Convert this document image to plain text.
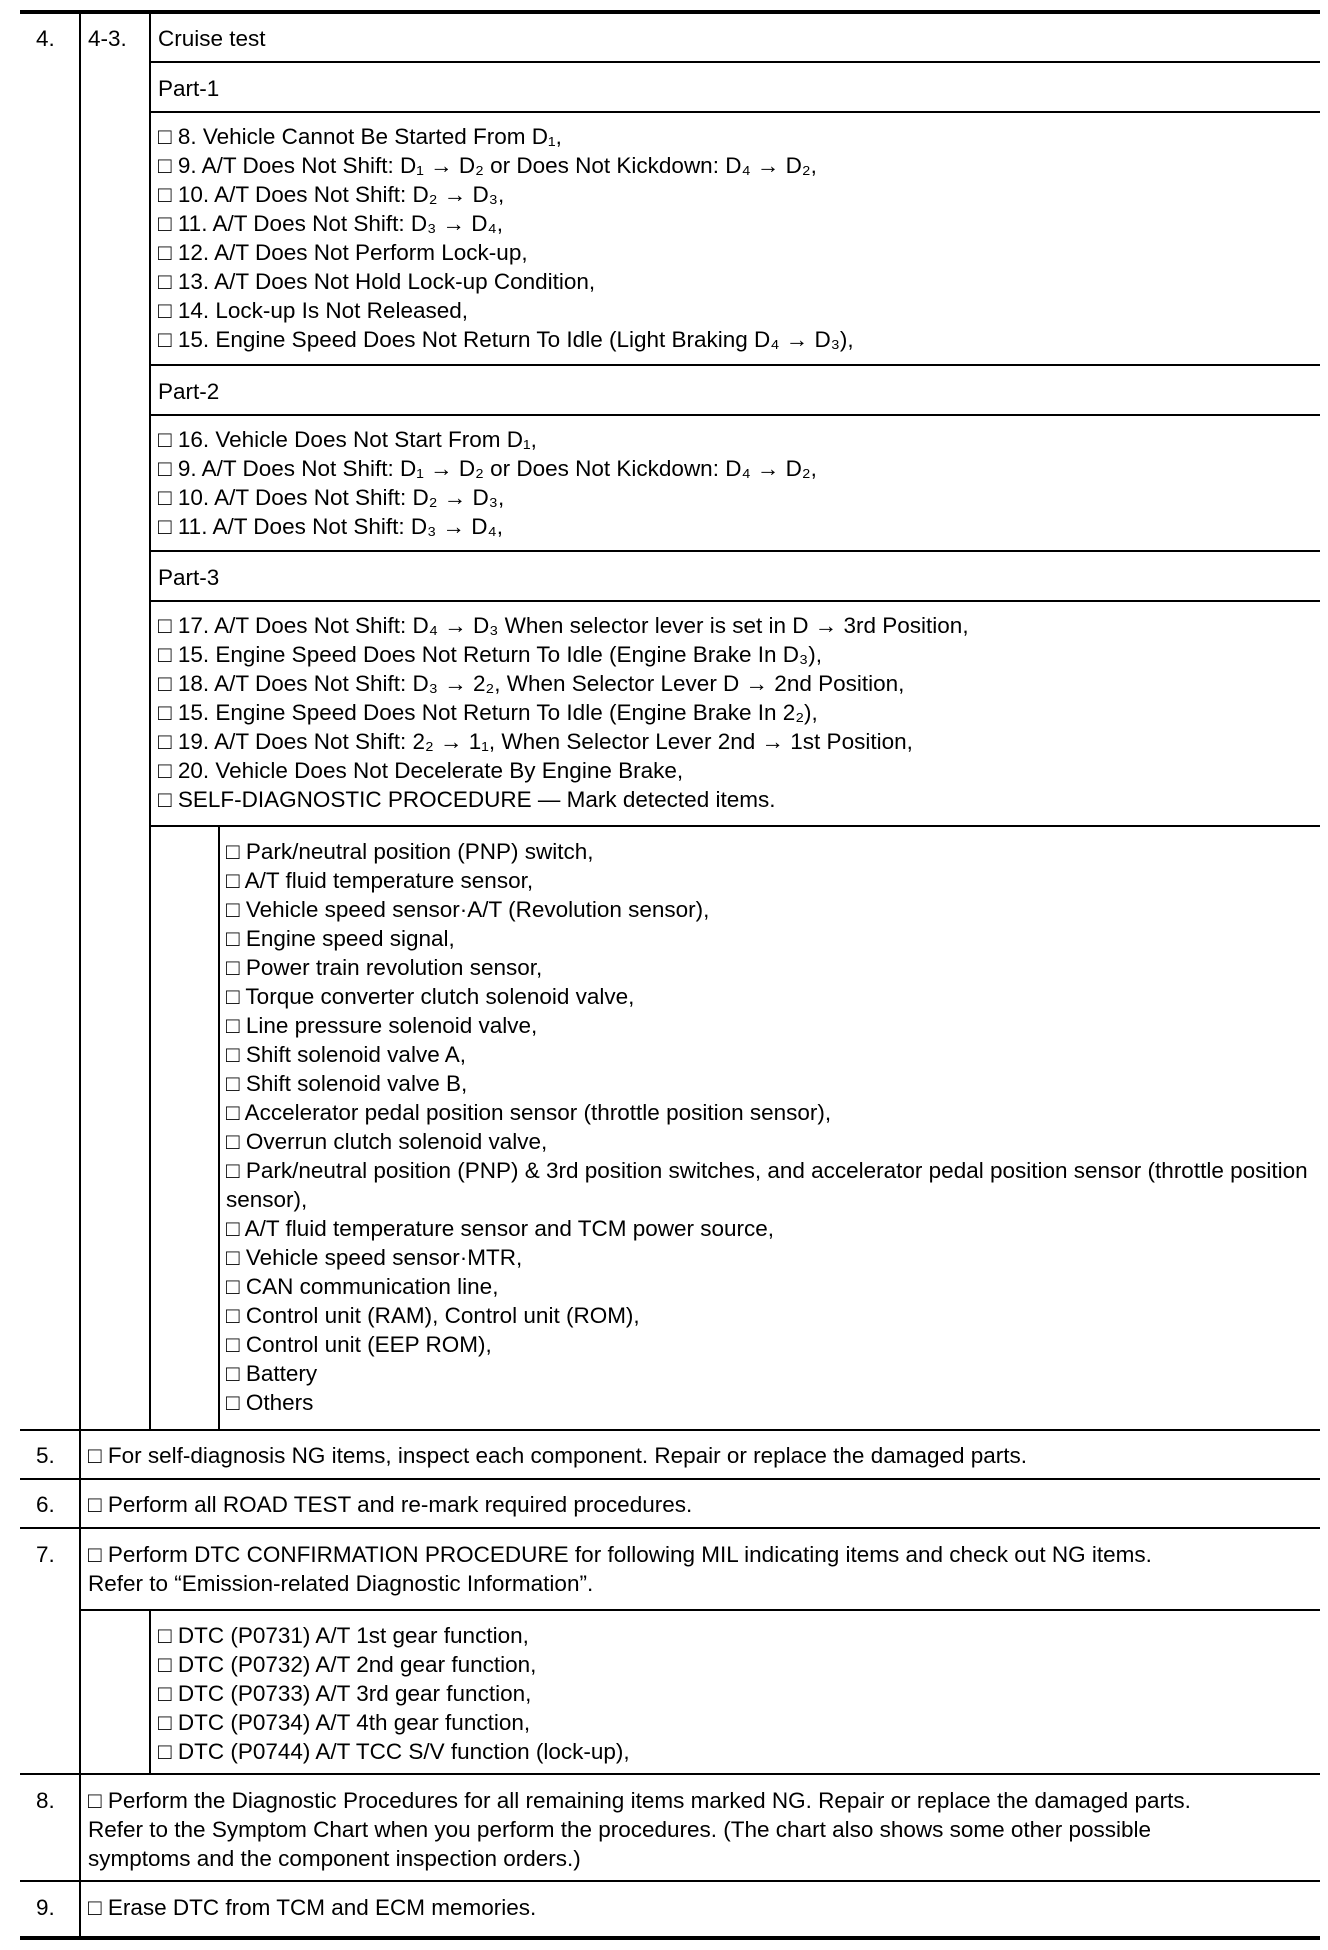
4. 4-3. Cruise test
Part-1
□ 8. Vehicle Cannot Be Started From D₁,
□ 9. A/T Does Not Shift: D₁ → D₂ or Does Not Kickdown: D₄ → D₂,
□ 10. A/T Does Not Shift: D₂ → D₃,
□ 11. A/T Does Not Shift: D₃ → D₄,
□ 12. A/T Does Not Perform Lock-up,
□ 13. A/T Does Not Hold Lock-up Condition,
□ 14. Lock-up Is Not Released,
□ 15. Engine Speed Does Not Return To Idle (Light Braking D₄ → D₃),
Part-2
□ 16. Vehicle Does Not Start From D₁,
□ 9. A/T Does Not Shift: D₁ → D₂ or Does Not Kickdown: D₄ → D₂,
□ 10. A/T Does Not Shift: D₂ → D₃,
□ 11. A/T Does Not Shift: D₃ → D₄,
Part-3
□ 17. A/T Does Not Shift: D₄ → D₃ When selector lever is set in D → 3rd Position,
□ 15. Engine Speed Does Not Return To Idle (Engine Brake In D₃),
□ 18. A/T Does Not Shift: D₃ → 2₂, When Selector Lever D → 2nd Position,
□ 15. Engine Speed Does Not Return To Idle (Engine Brake In 2₂),
□ 19. A/T Does Not Shift: 2₂ → 1₁, When Selector Lever 2nd → 1st Position,
□ 20. Vehicle Does Not Decelerate By Engine Brake,
□ SELF-DIAGNOSTIC PROCEDURE — Mark detected items.
□ Park/neutral position (PNP) switch,
□ A/T fluid temperature sensor,
□ Vehicle speed sensor·A/T (Revolution sensor),
□ Engine speed signal,
□ Power train revolution sensor,
□ Torque converter clutch solenoid valve,
□ Line pressure solenoid valve,
□ Shift solenoid valve A,
□ Shift solenoid valve B,
□ Accelerator pedal position sensor (throttle position sensor),
□ Overrun clutch solenoid valve,
□ Park/neutral position (PNP) & 3rd position switches, and accelerator pedal position sensor (throttle position sensor),
□ A/T fluid temperature sensor and TCM power source,
□ Vehicle speed sensor·MTR,
□ CAN communication line,
□ Control unit (RAM), Control unit (ROM),
□ Control unit (EEP ROM),
□ Battery
□ Others
5. □ For self-diagnosis NG items, inspect each component. Repair or replace the damaged parts.
6. □ Perform all ROAD TEST and re-mark required procedures.
7. □ Perform DTC CONFIRMATION PROCEDURE for following MIL indicating items and check out NG items.
Refer to “Emission-related Diagnostic Information”.
□ DTC (P0731) A/T 1st gear function,
□ DTC (P0732) A/T 2nd gear function,
□ DTC (P0733) A/T 3rd gear function,
□ DTC (P0734) A/T 4th gear function,
□ DTC (P0744) A/T TCC S/V function (lock-up),
8. □ Perform the Diagnostic Procedures for all remaining items marked NG. Repair or replace the damaged parts.
Refer to the Symptom Chart when you perform the procedures. (The chart also shows some other possible
symptoms and the component inspection orders.)
9. □ Erase DTC from TCM and ECM memories.
